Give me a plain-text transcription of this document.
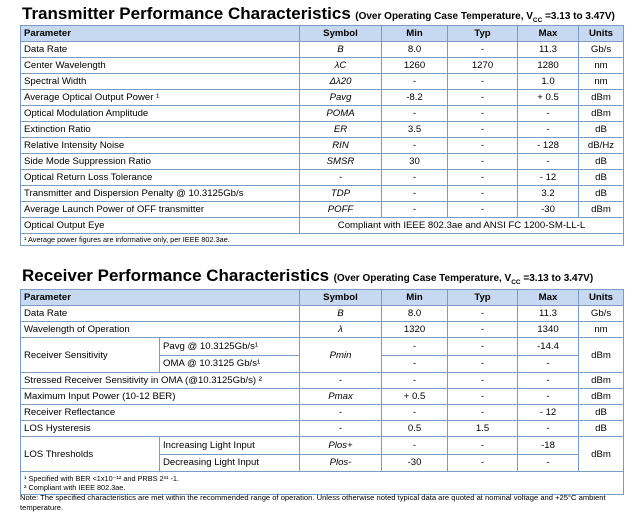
Transmitter Performance Characteristics (Over Operating Case Temperature, $V_{CC} =3.13$ to 3.47V)
Parameter	Symbol	Min	Typ	Max	Units
Data Rate	B	8.0	-	11.3	Gb/s
Center Wavelength	λC	1260	1270	1280	nm
Spectral Width	Δλ20	-	-	1.0	nm
Average Optical Output Power ¹	Pavg	-8.2	-	+ 0.5	dBm
Optical Modulation Amplitude	POMA	-	-	-	dBm
Extinction Ratio	ER	3.5	-	-	dB
Relative Intensity Noise	RIN	-	-	- 128	dB/Hz
Side Mode Suppression Ratio	SMSR	30	-	-	dB
Optical Return Loss Tolerance	-	-	-	- 12	dB
Transmitter and Dispersion Penalty @ 10.3125Gb/s	TDP	-	-	3.2	dB
Average Launch Power of OFF transmitter	POFF	-	-	-30	dBm
Optical Output Eye	Compliant with IEEE 802.3ae and ANSI FC 1200-SM-LL-L				
¹ Average power figures are informative only, per IEEE 802.3ae.					
Receiver Performance Characteristics (Over Operating Case Temperature, $V_{CC} =3.13$ to 3.47V)
Parameter		Symbol	Min	Typ	Max	Units
Data Rate		B	8.0	-	11.3	Gb/s
Wavelength of Operation		λ	1320	-	1340	nm
Receiver Sensitivity	Pavg @ 10.3125Gb/s¹	Pmin	-	-	-14.4	dBm
	OMA @ 10.3125 Gb/s¹		-	-	-	
Stressed Receiver Sensitivity in OMA (@10.3125Gb/s) ²		-	-	-	-	dBm
Maximum Input Power (10-12 BER)		Pmax	+ 0.5	-	-	dBm
Receiver Reflectance		-	-	-	- 12	dB
LOS Hysteresis		-	0.5	1.5	-	dB
LOS Thresholds	Increasing Light Input	Plos+	-	-	-18	dBm
	Decreasing Light Input	Plos-	-30	-	-	

¹ Specified with BER <1x10⁻¹² and PRBS 2³¹ -1.
² Compliant with IEEE 802.3ae.						
Note: The specified characteristics are met within the recommended range of operation. Unless otherwise noted typical data are quoted at nominal voltage and +25°C ambient temperature.
